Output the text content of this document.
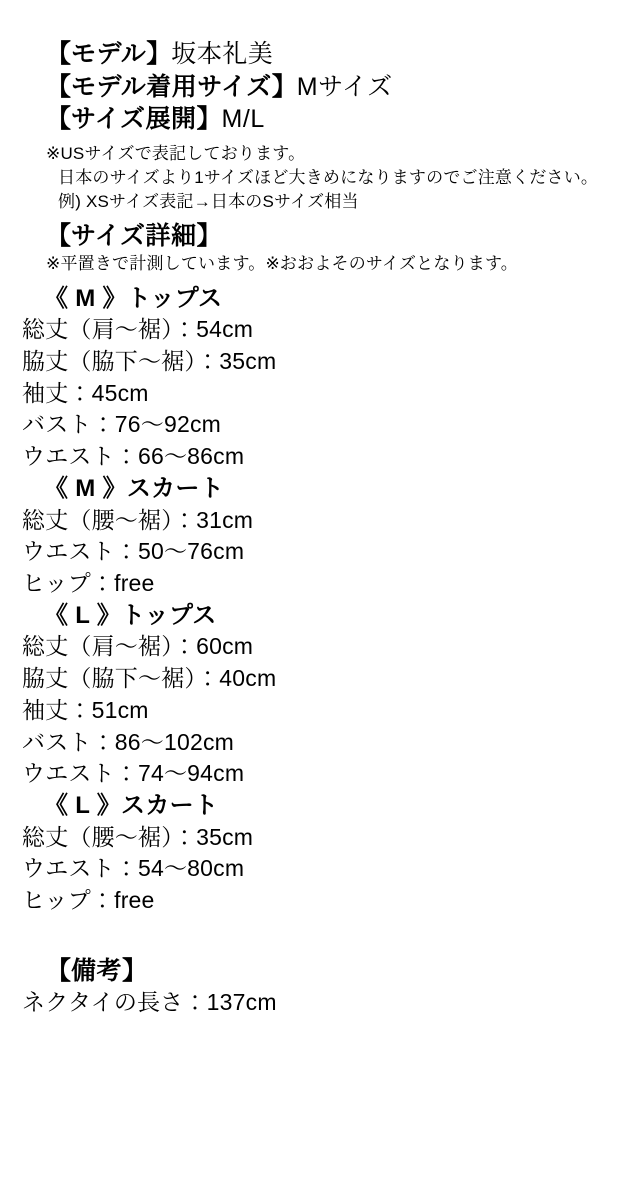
【モデル】坂本礼美
【モデル着用サイズ】Mサイズ
【サイズ展開】M/L
※USサイズで表記しております。
日本のサイズより1サイズほど大きめになりますのでご注意ください。
例) XSサイズ表記→日本のSサイズ相当
【サイズ詳細】
※平置きで計測しています。※おおよそのサイズとなります。
《 M 》トップス
総丈（肩〜裾）：54cm
脇丈（脇下〜裾）：35cm
袖丈：45cm
バスト：76〜92cm
ウエスト：66〜86cm
《 M 》スカート
総丈（腰〜裾）：31cm
ウエスト：50〜76cm
ヒップ：free
《 L 》トップス
総丈（肩〜裾）：60cm
脇丈（脇下〜裾）：40cm
袖丈：51cm
バスト：86〜102cm
ウエスト：74〜94cm
《 L 》スカート
総丈（腰〜裾）：35cm
ウエスト：54〜80cm
ヒップ：free
【備考】
ネクタイの長さ：137cm
